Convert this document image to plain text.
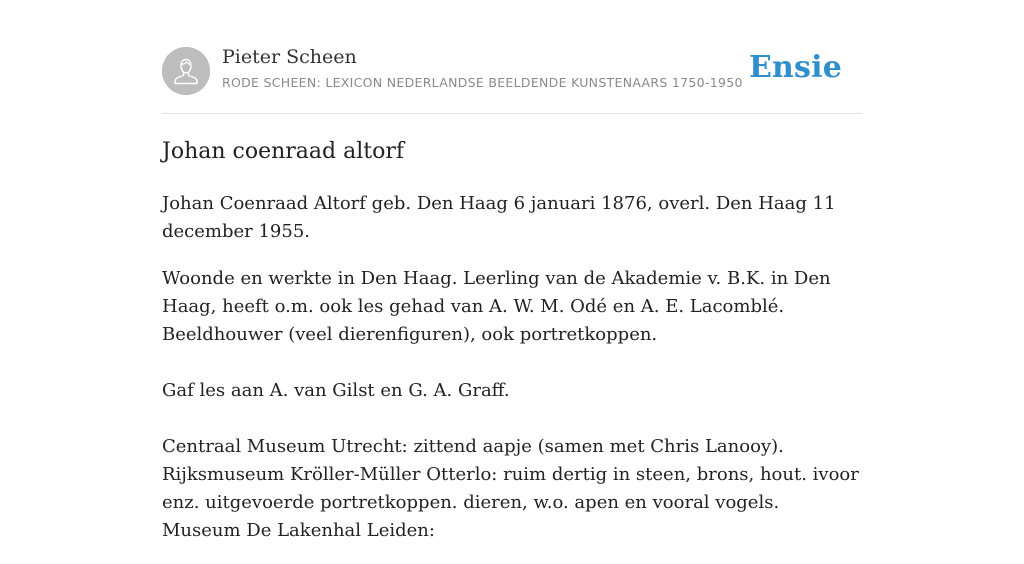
Pieter Scheen
RODE SCHEEN: LEXICON NEDERLANDSE BEELDENDE KUNSTENAARS 1750-1950 Ensie
Johan coenraad altorf

Johan Coenraad Altorf geb. Den Haag 6 januari 1876, overl. Den Haag 11 december 1955.

Woonde en werkte in Den Haag. Leerling van de Akademie v. B.K. in Den Haag, heeft o.m. ook les gehad van A. W. M. Odé en A. E. Lacomblé. Beeldhouwer (veel dierenfiguren), ook portretkoppen.

Gaf les aan A. van Gilst en G. A. Graff.

Centraal Museum Utrecht: zittend aapje (samen met Chris Lanooy). Rijksmuseum Kröller-Müller Otterlo: ruim dertig in steen, brons, hout. ivoor enz. uitgevoerde portretkoppen. dieren, w.o. apen en vooral vogels. Museum De Lakenhal Leiden:
